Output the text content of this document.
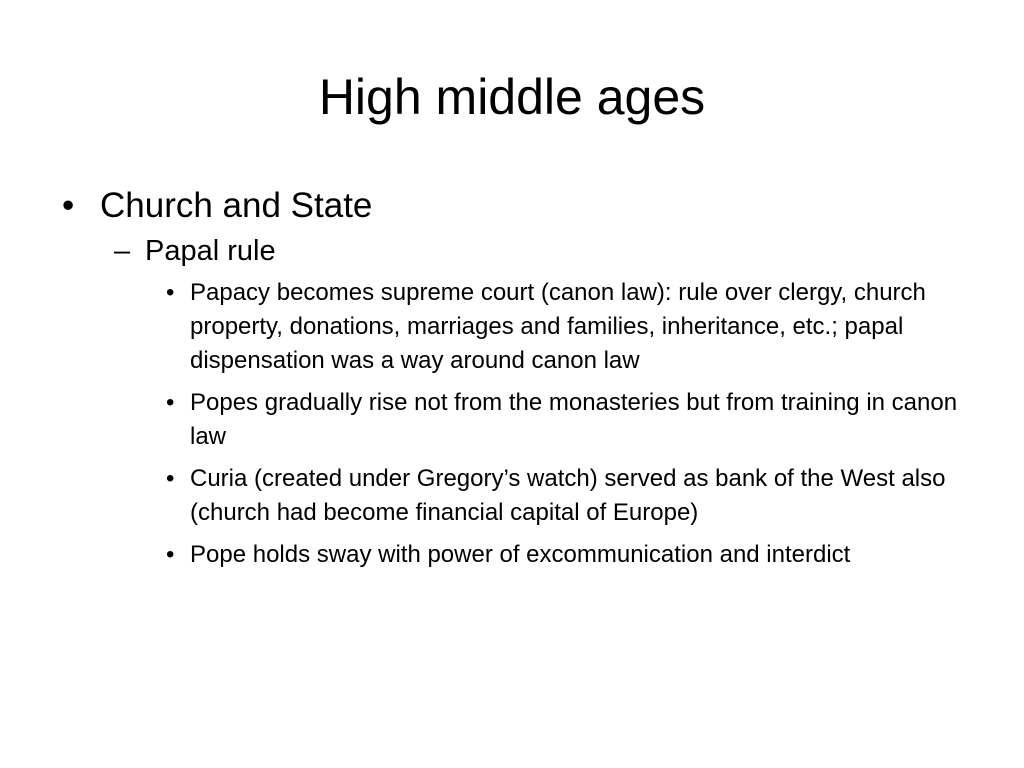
High middle ages
• Church and State
– Papal rule
• Papacy becomes supreme court (canon law): rule over clergy, church property, donations, marriages and families, inheritance, etc.; papal dispensation was a way around canon law
• Popes gradually rise not from the monasteries but from training in canon law
• Curia (created under Gregory’s watch) served as bank of the West also (church had become financial capital of Europe)
• Pope holds sway with power of excommunication and interdict
